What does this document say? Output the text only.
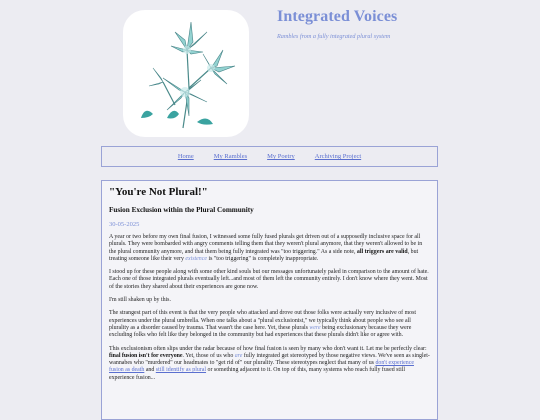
Integrated Voices
Rambles from a fully integrated plural system
Home	My Rambles	My Poetry	Archiving Project
"You're Not Plural!"
Fusion Exclusion within the Plural Community
30-05-2025

A year or two before my own final fusion, I witnessed some fully fused plurals get driven out of a supposedly inclusive space for all plurals. They were bombarded with angry comments telling them that they weren't plural anymore, that they weren't allowed to be in the plural community anymore, and that them being fully integrated was "too triggering." As a side note, all triggers are valid, but treating someone like their very existence is "too triggering" is completely inappropriate.

I stood up for these people along with some other kind souls but our messages unfortunately paled in comparison to the amount of hate. Each one of those integrated plurals eventually left...and most of them left the community entirely. I don't know where they went. Most of the stories they shared about their experiences are gone now.

I'm still shaken up by this.

The strangest part of this event is that the very people who attacked and drove out those folks were actually very inclusive of most experiences under the plural umbrella. When one talks about a "plural exclusionist," we typically think about people who see all plurality as a disorder caused by trauma. That wasn't the case here. Yet, these plurals were being exclusionary because they were excluding folks who felt like they belonged in the community but had experiences that these plurals didn't like or agree with.

This exclusionism often slips under the radar because of how final fusion is seen by many who don't want it. Let me be perfectly clear: final fusion isn't for everyone. Yet, those of us who are fully integrated get stereotyped by those negative views. We've seen as singlet-wannabes who "murdered" our headmates to "get rid of" our plurality. These stereotypes neglect that many of us don't experience fusion as death and still identify as plural or something adjacent to it. On top of this, many systems who reach fully fused still experience fusion...
